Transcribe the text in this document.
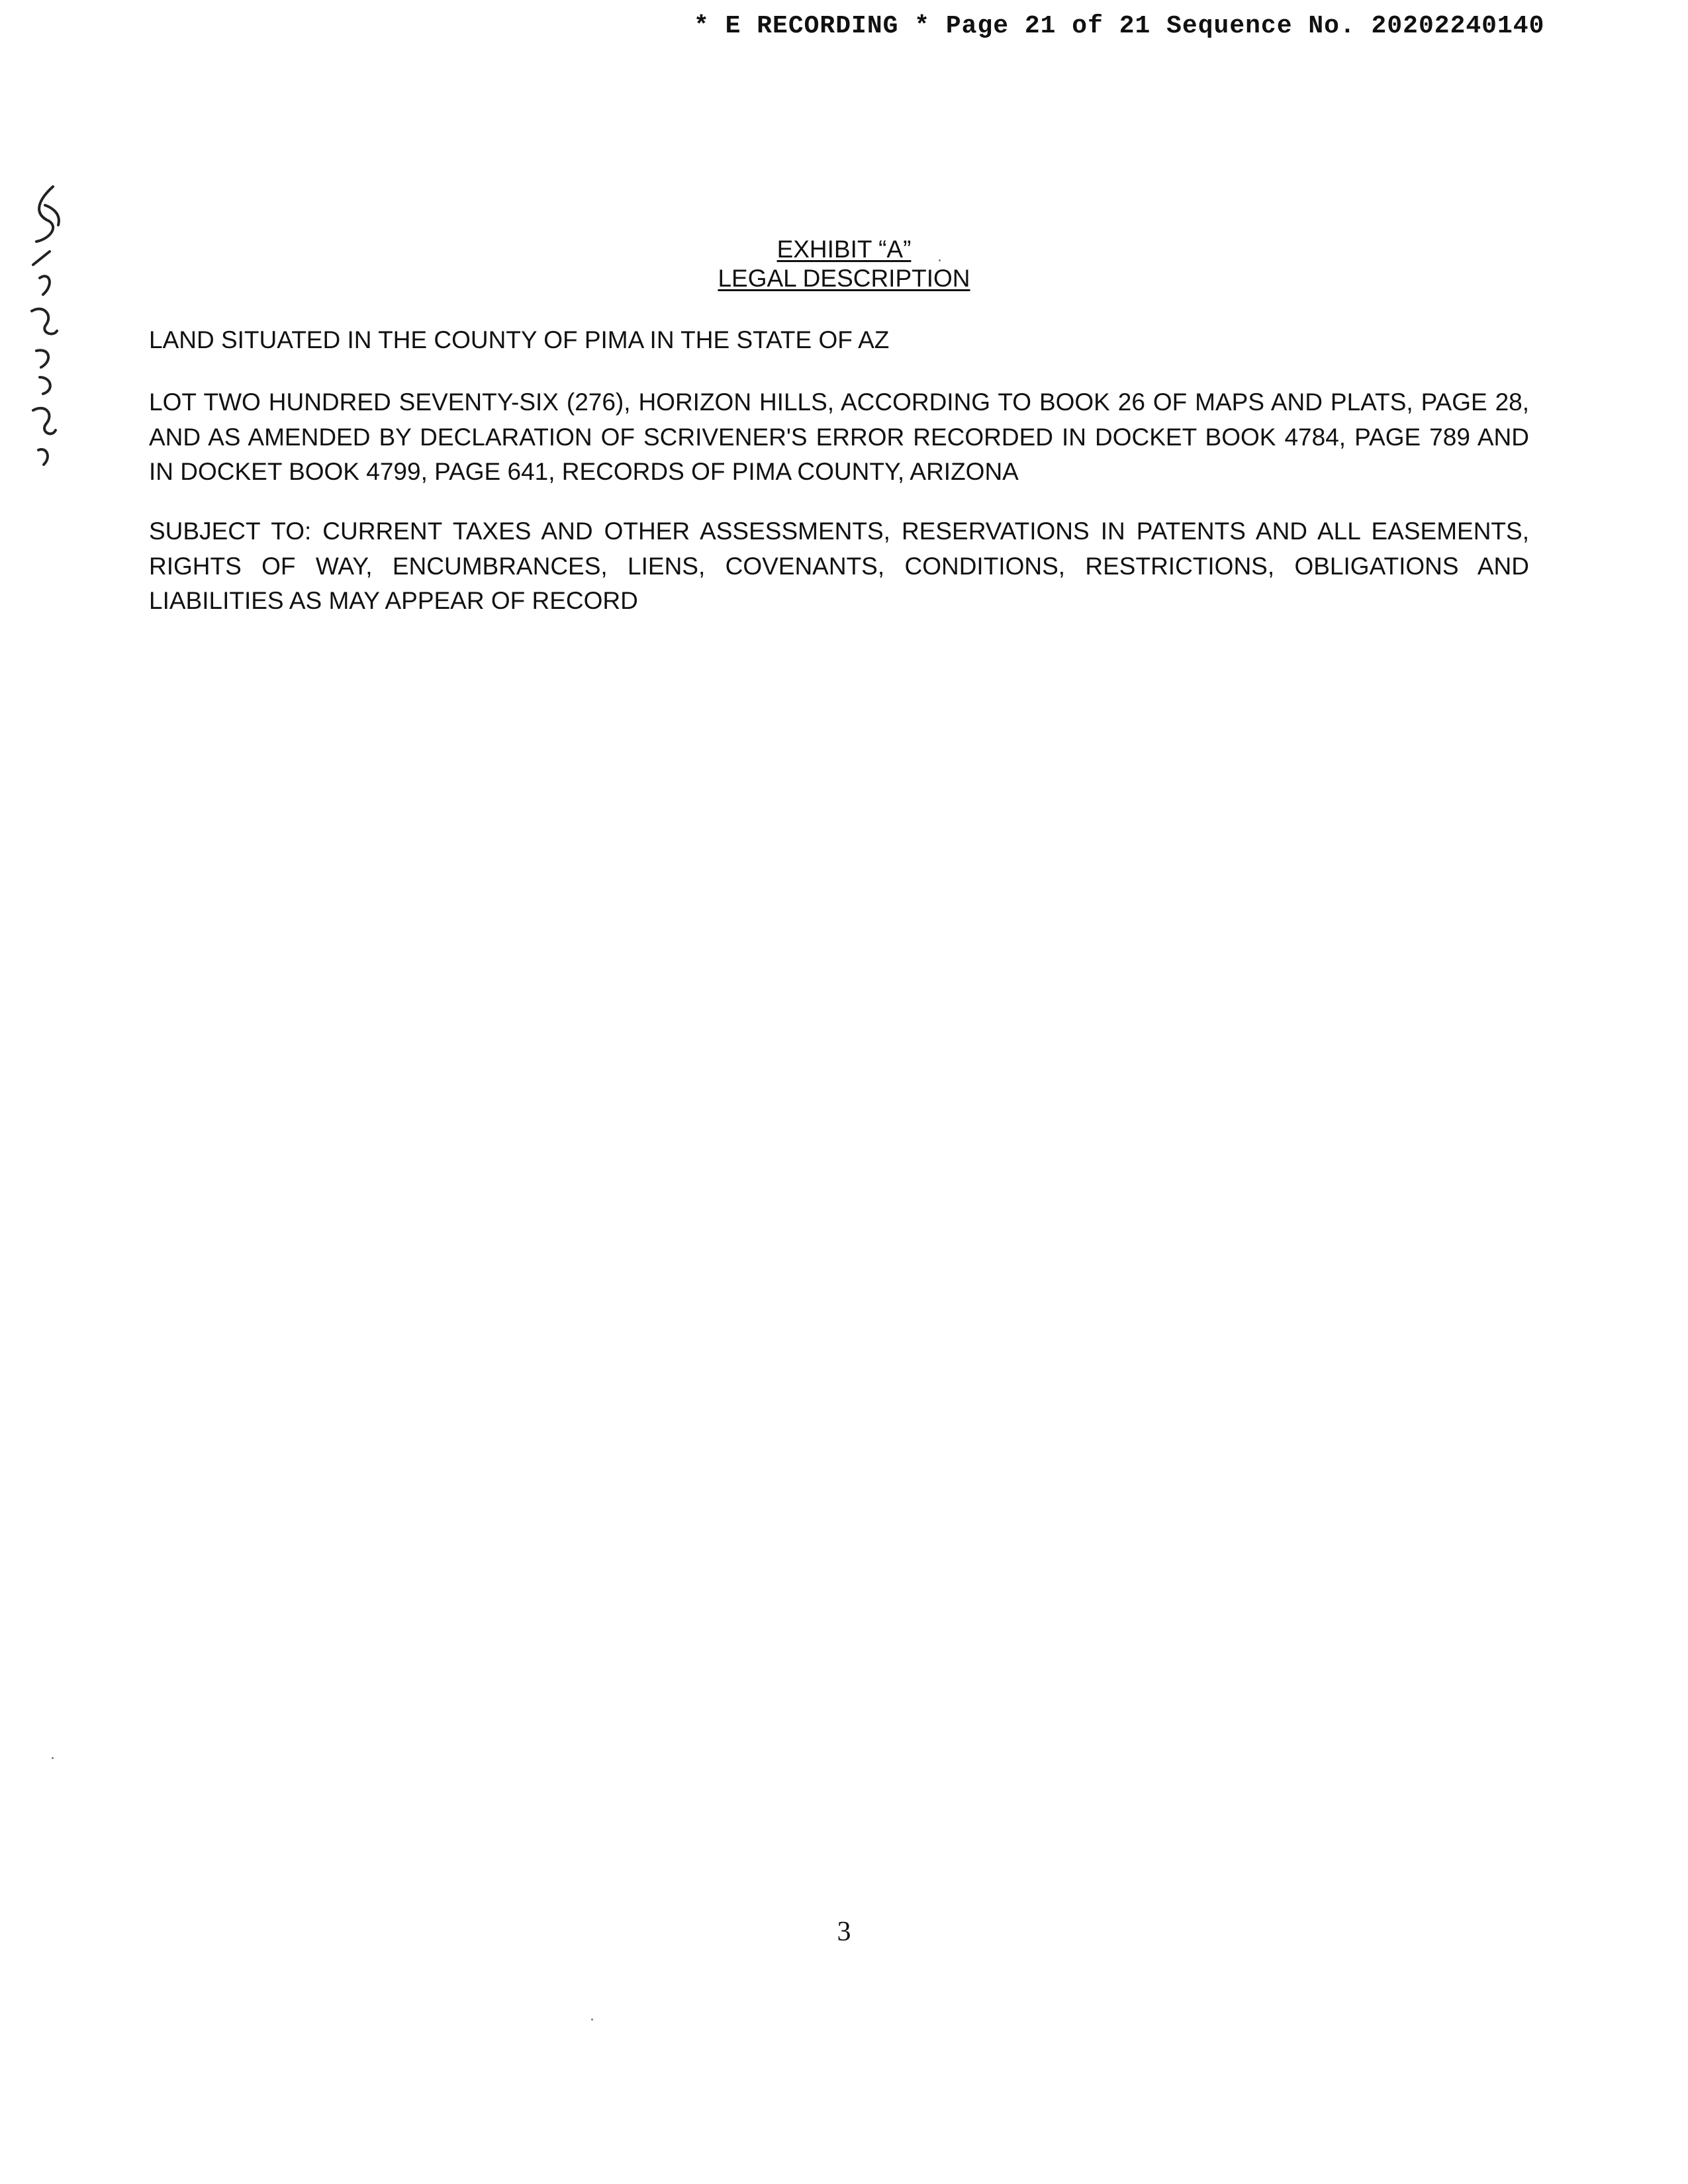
* E RECORDING * Page 21 of 21 Sequence No. 20202240140
EXHIBIT “A”
LEGAL DESCRIPTION
LAND SITUATED IN THE COUNTY OF PIMA IN THE STATE OF AZ
LOT TWO HUNDRED SEVENTY-SIX (276), HORIZON HILLS, ACCORDING TO BOOK 26 OF MAPS AND PLATS, PAGE 28, AND AS AMENDED BY DECLARATION OF SCRIVENER'S ERROR RECORDED IN DOCKET BOOK 4784, PAGE 789 AND IN DOCKET BOOK 4799, PAGE 641, RECORDS OF PIMA COUNTY, ARIZONA
SUBJECT TO: CURRENT TAXES AND OTHER ASSESSMENTS, RESERVATIONS IN PATENTS AND ALL EASEMENTS, RIGHTS OF WAY, ENCUMBRANCES, LIENS, COVENANTS, CONDITIONS, RESTRICTIONS, OBLIGATIONS AND LIABILITIES AS MAY APPEAR OF RECORD
3
